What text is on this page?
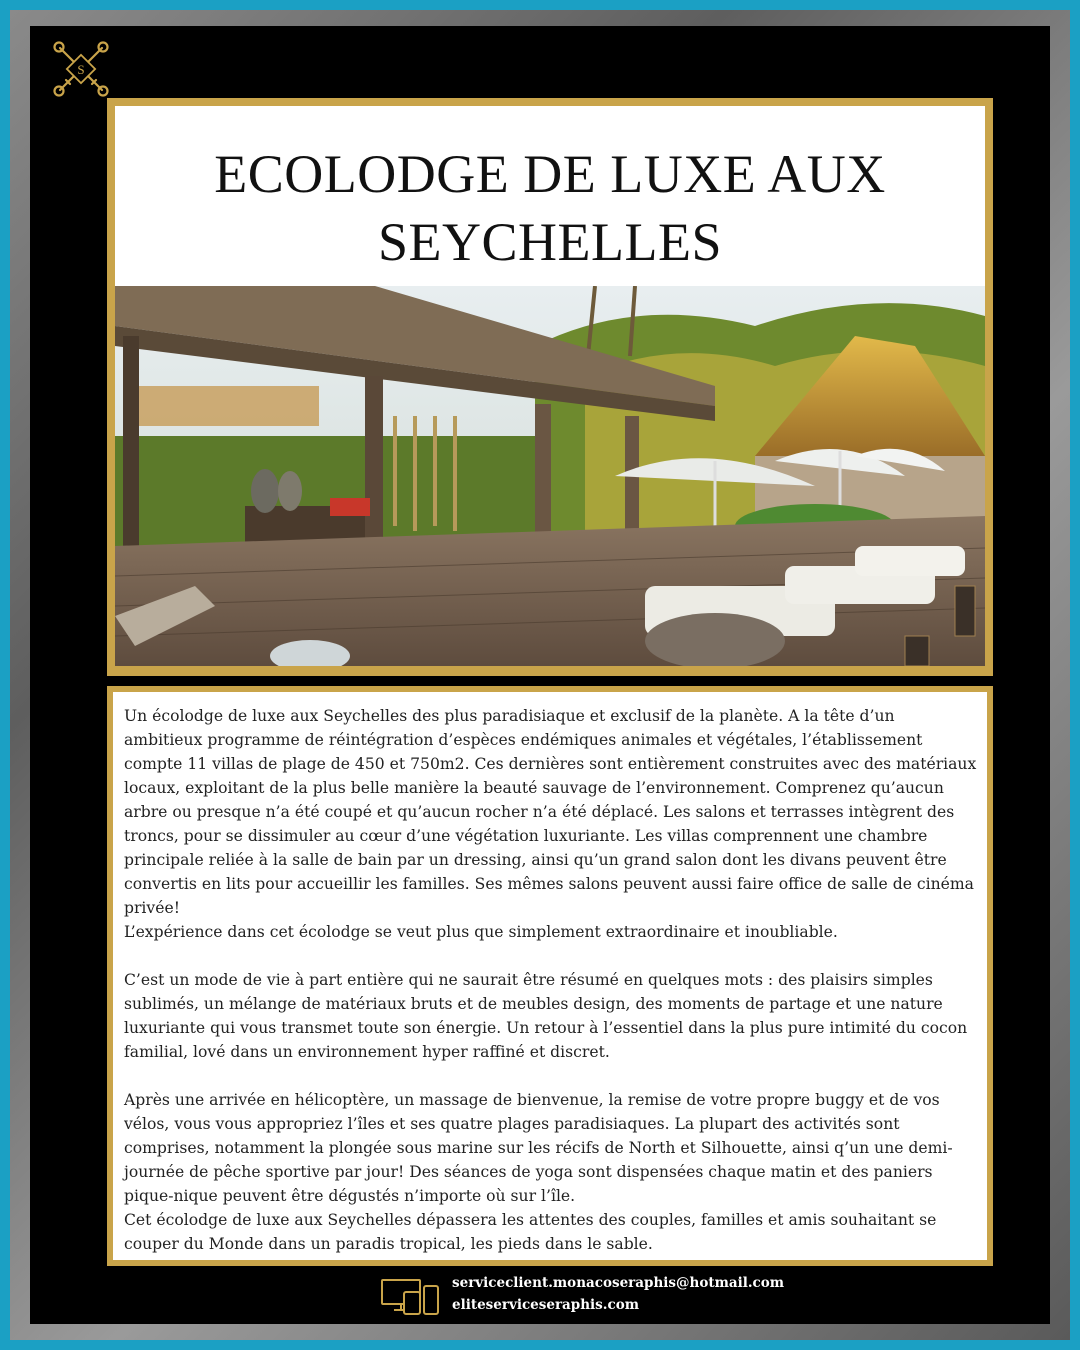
S
ECOLODGE DE LUXE AUX
SEYCHELLES

Un écolodge de luxe aux Seychelles des plus paradisiaque et exclusif de la planète. A la tête d’un ambitieux programme de réintégration d’espèces endémiques animales et végétales, l’établissement compte 11 villas de plage de 450 et 750m2. Ces dernières sont entièrement construites avec des matériaux locaux, exploitant de la plus belle manière la beauté sauvage de l’environnement. Comprenez qu’aucun arbre ou presque n’a été coupé et qu’aucun rocher n’a été déplacé. Les salons et terrasses intègrent des troncs, pour se dissimuler au cœur d’une végétation luxuriante. Les villas comprennent une chambre principale reliée à la salle de bain par un dressing, ainsi qu’un grand salon dont les divans peuvent être convertis en lits pour accueillir les familles. Ses mêmes salons peuvent aussi faire office de salle de cinéma privée!
L’expérience dans cet écolodge se veut plus que simplement extraordinaire et inoubliable.

C’est un mode de vie à part entière qui ne saurait être résumé en quelques mots : des plaisirs simples sublimés, un mélange de matériaux bruts et de meubles design, des moments de partage et une nature luxuriante qui vous transmet toute son énergie. Un retour à l’essentiel dans la plus pure intimité du cocon familial, lové dans un environnement hyper raffiné et discret.

Après une arrivée en hélicoptère, un massage de bienvenue, la remise de votre propre buggy et de vos vélos, vous vous appropriez l’îles et ses quatre plages paradisiaques. La plupart des activités sont comprises, notamment la plongée sous marine sur les récifs de North et Silhouette, ainsi q’un une demi-journée de pêche sportive par jour! Des séances de yoga sont dispensées chaque matin et des paniers pique-nique peuvent être dégustés n’importe où sur l’île.
Cet écolodge de luxe aux Seychelles dépassera les attentes des couples, familles et amis souhaitant se couper du Monde dans un paradis tropical, les pieds dans le sable.

serviceclient.monacoseraphis@hotmail.com
eliteserviceseraphis.com
